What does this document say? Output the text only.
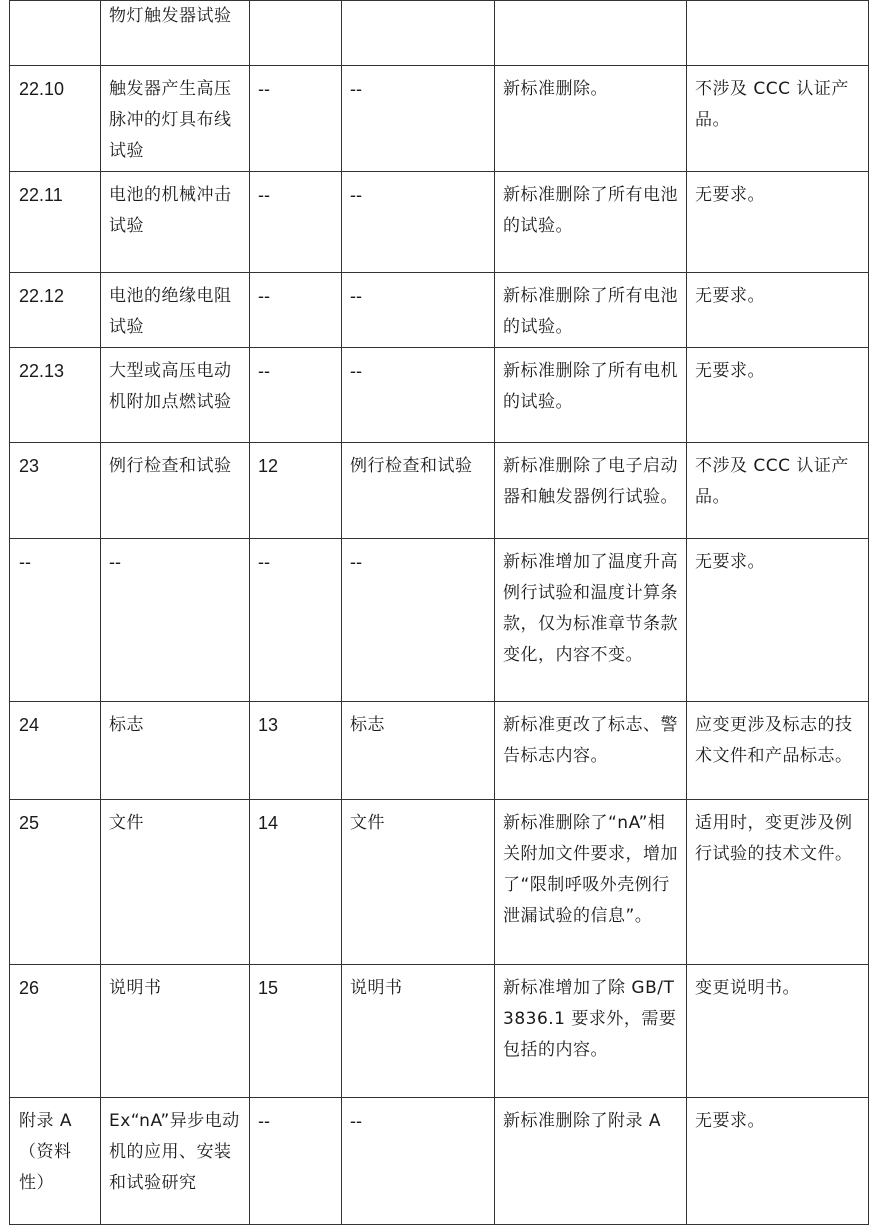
	物灯触发器试验				

22.10	触发器产生高压脉冲的灯具布线试验	--	--	新标准删除。	不涉及 CCC 认证产品。

22.11	电池的机械冲击试验	--	--	新标准删除了所有电池的试验。	无要求。

22.12	电池的绝缘电阻试验	--	--	新标准删除了所有电池的试验。	无要求。

22.13	大型或高压电动机附加点燃试验	--	--	新标准删除了所有电机的试验。	无要求。

23	例行检查和试验	12	例行检查和试验	新标准删除了电子启动器和触发器例行试验。	不涉及 CCC 认证产品。

--	--	--	--	新标准增加了温度升高例行试验和温度计算条款，仅为标准章节条款变化，内容不变。	无要求。

24	标志	13	标志	新标准更改了标志、警告标志内容。	应变更涉及标志的技术文件和产品标志。

25	文件	14	文件	新标准删除了“nA”相关附加文件要求，增加了“限制呼吸外壳例行泄漏试验的信息”。	适用时，变更涉及例行试验的技术文件。

26	说明书	15	说明书	新标准增加了除 GB/T 3836.1 要求外，需要包括的内容。	变更说明书。

附录 A（资料性）	Ex“nA”异步电动机的应用、安装和试验研究	--	--	新标准删除了附录 A	无要求。
